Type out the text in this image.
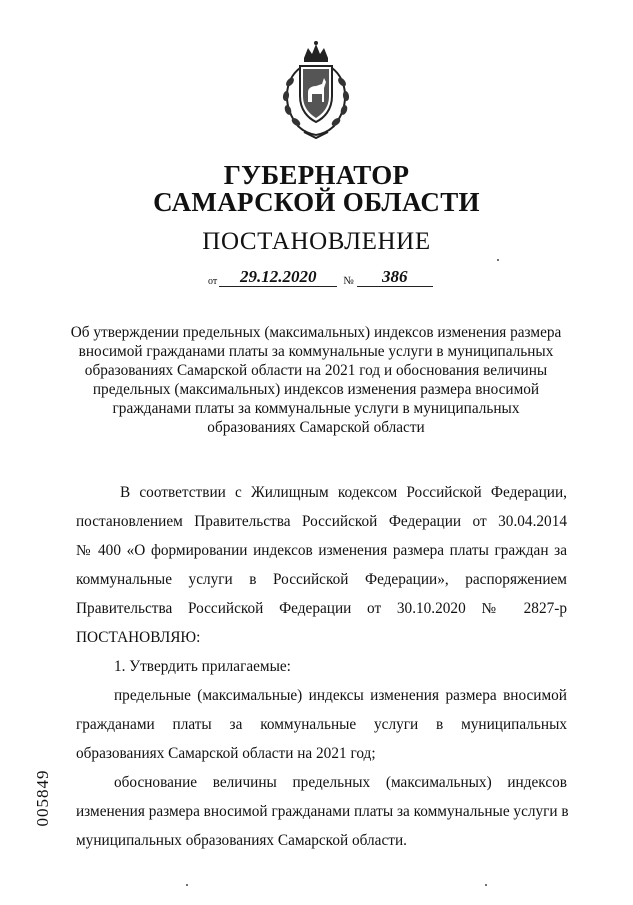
ГУБЕРНАТОР
САМАРСКОЙ ОБЛАСТИ
ПОСТАНОВЛЕНИЕ
от 29.12.2020 № 386
Об утверждении предельных (максимальных) индексов изменения размера
вносимой гражданами платы за коммунальные услуги в муниципальных
образованиях Самарской области на 2021 год и обоснования величины
предельных (максимальных) индексов изменения размера вносимой
гражданами платы за коммунальные услуги в муниципальных
образованиях Самарской области
В соответствии с Жилищным кодексом Российской Федерации,
постановлением Правительства Российской Федерации от 30.04.2014
№ 400 «О формировании индексов изменения размера платы граждан за
коммунальные услуги в Российской Федерации», распоряжением
Правительства Российской Федерации от 30.10.2020 № 2827-р
ПОСТАНОВЛЯЮ:
1. Утвердить прилагаемые:
предельные (максимальные) индексы изменения размера вносимой
гражданами платы за коммунальные услуги в муниципальных
образованиях Самарской области на 2021 год;
обоснование величины предельных (максимальных) индексов
изменения размера вносимой гражданами платы за коммунальные услуги в
муниципальных образованиях Самарской области.
005849
